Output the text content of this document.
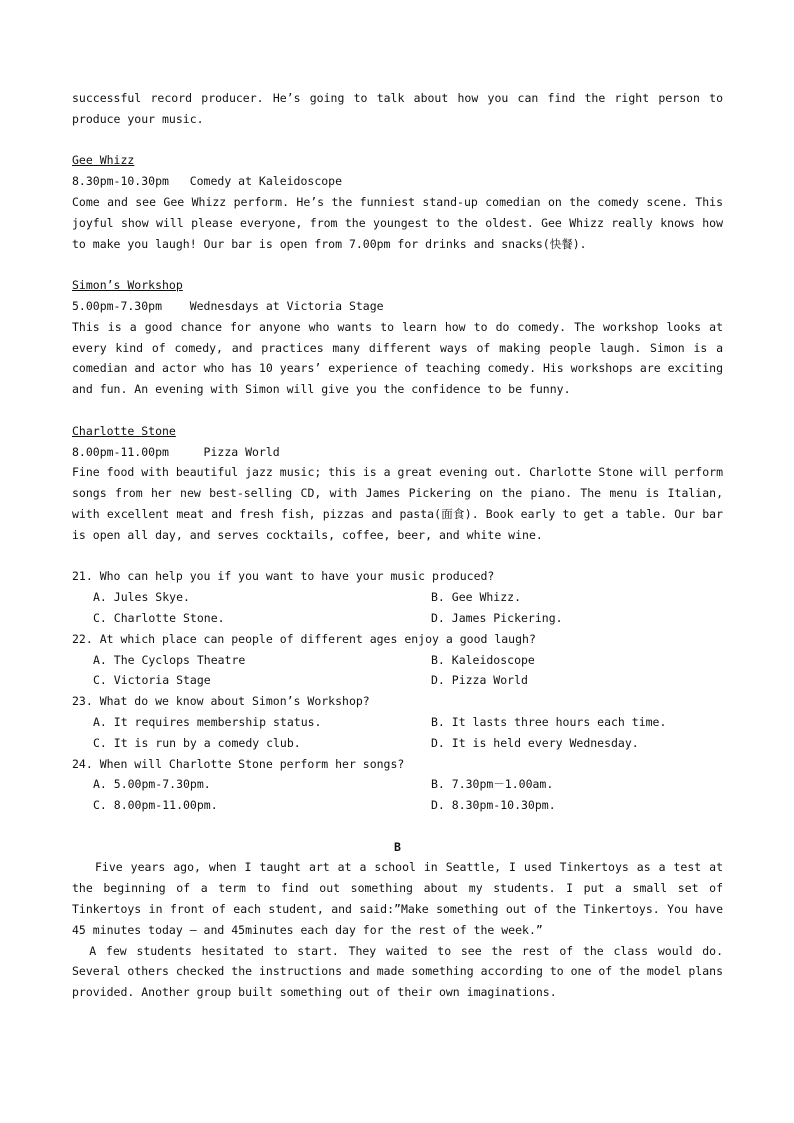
successful record producer. He’s going to talk about how you can find the right person to produce your music.

Gee Whizz

8.30pm-10.30pm   Comedy at Kaleidoscope

Come and see Gee Whizz perform. He’s the funniest stand-up comedian on the comedy scene. This joyful show will please everyone, from the youngest to the oldest. Gee Whizz really knows how to make you laugh! Our bar is open from 7.00pm for drinks and snacks(快餐).

Simon’s Workshop

5.00pm-7.30pm    Wednesdays at Victoria Stage

This is a good chance for anyone who wants to learn how to do comedy. The workshop looks at every kind of comedy, and practices many different ways of making people laugh. Simon is a comedian and actor who has 10 years’ experience of teaching comedy. His workshops are exciting and fun. An evening with Simon will give you the confidence to be funny.

Charlotte Stone

8.00pm-11.00pm     Pizza World

Fine food with beautiful jazz music; this is a great evening out. Charlotte Stone will perform songs from her new best-selling CD, with James Pickering on the piano. The menu is Italian, with excellent meat and fresh fish, pizzas and pasta(面食). Book early to get a table. Our bar is open all day, and serves cocktails, coffee, beer, and white wine.

21. Who can help you if you want to have your music produced?

A. Jules Skye.	B. Gee Whizz.
C. Charlotte Stone.	D. James Pickering.

22. At which place can people of different ages enjoy a good laugh?

A. The Cyclops Theatre	B. Kaleidoscope
C. Victoria Stage	D. Pizza World

23. What do we know about Simon’s Workshop?

A. It requires membership status.	B. It lasts three hours each time.
C. It is run by a comedy club.	D. It is held every Wednesday.

24. When will Charlotte Stone perform her songs?

A. 5.00pm-7.30pm.	B. 7.30pm－1.00am.
C. 8.00pm-11.00pm.	D. 8.30pm-10.30pm.

B

Five years ago, when I taught art at a school in Seattle, I used Tinkertoys as a test at the beginning of a term to find out something about my students. I put a small set of Tinkertoys in front of each student, and said:”Make something out of the Tinkertoys. You have 45 minutes today – and 45minutes each day for the rest of the week.”

A few students hesitated to start. They waited to see the rest of the class would do. Several others checked the instructions and made something according to one of the model plans provided. Another group built something out of their own imaginations.
